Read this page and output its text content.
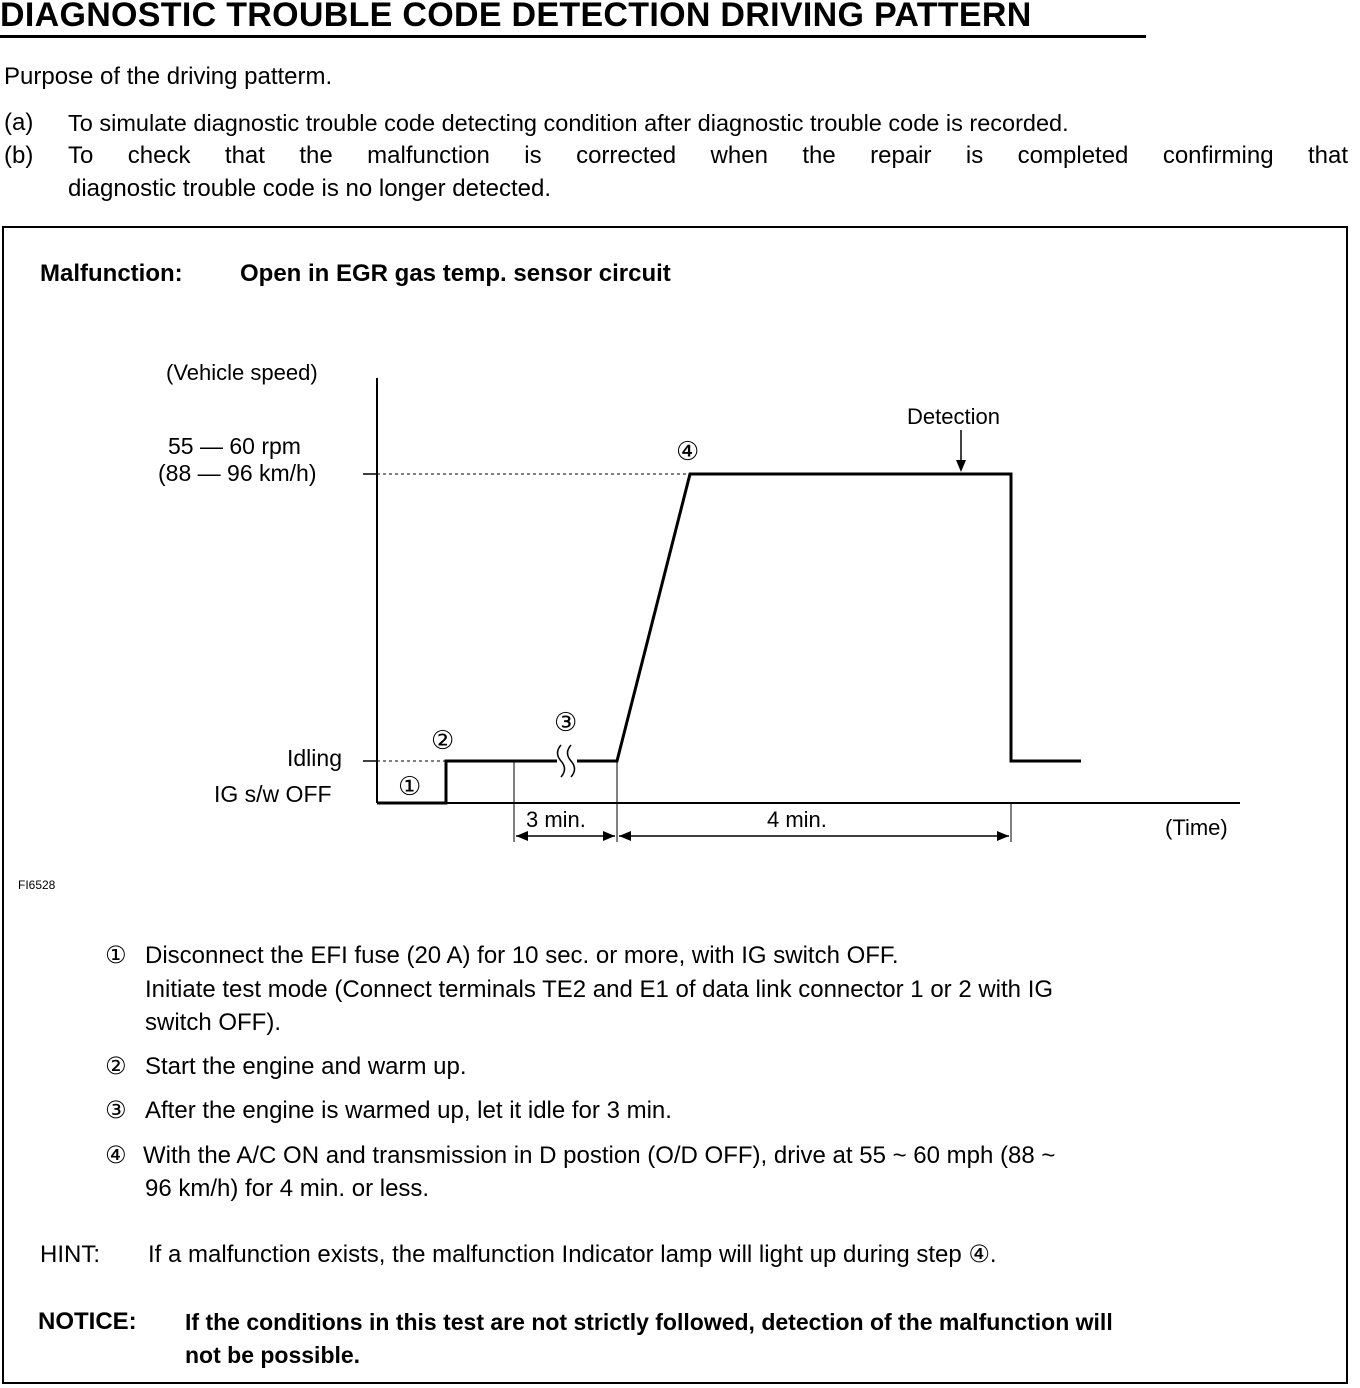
DIAGNOSTIC TROUBLE CODE DETECTION DRIVING PATTERN
Purpose of the driving patterm.
(a) To simulate diagnostic trouble code detecting condition after diagnostic trouble code is recorded.
(b) To check that the malfunction is corrected when the repair is completed confirming that
diagnostic trouble code is no longer detected.
Malfunction: Open in EGR gas temp. sensor circuit
(Vehicle speed)
(Time)
55 — 60 rpm
(88 — 96 km/h)
Idling
IG s/w OFF	①
②
③
④
Detection
3 min.	4 min.
FI6528
① Disconnect the EFI fuse (20 A) for 10 sec. or more, with IG switch OFF.
Initiate test mode (Connect terminals TE2 and E1 of data link connector 1 or 2 with IG
switch OFF).
② Start the engine and warm up.
③ After the engine is warmed up, let it idle for 3 min.
④ With the A/C ON and transmission in D postion (O/D OFF), drive at 55 ~ 60 mph (88 ~
96 km/h) for 4 min. or less.
HINT: If a malfunction exists, the malfunction Indicator lamp will light up during step ④.
NOTICE: If the conditions in this test are not strictly followed, detection of the malfunction will
not be possible.
